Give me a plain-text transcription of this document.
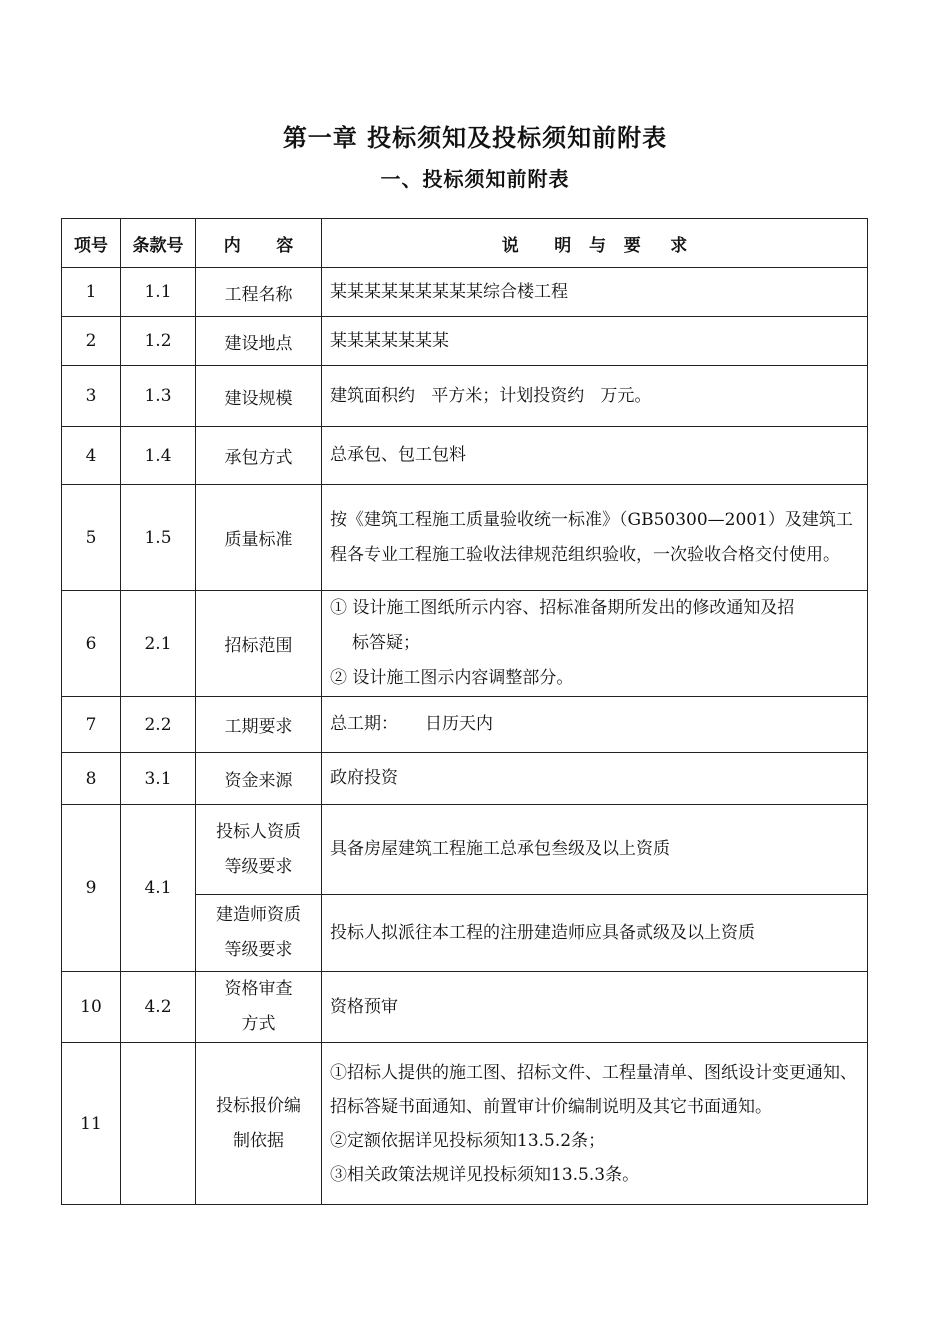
第一章 投标须知及投标须知前附表
一、投标须知前附表
项号	条款号	内      容	说      明   与   要     求
1	1.1	工程名称	某某某某某某某某某综合楼工程
2	1.2	建设地点	某某某某某某某
3	1.3	建设规模	建筑面积约   平方米；计划投资约   万元。
4	1.4	承包方式	总承包、包工包料
5	1.5	质量标准	按《建筑工程施工质量验收统一标准》（GB50300—2001）及建筑工程各专业工程施工验收法律规范组织验收，一次验收合格交付使用。
6	2.1	招标范围	① 设计施工图纸所示内容、招标准备期所发出的修改通知及招
标答疑；
② 设计施工图示内容调整部分。

7	2.2	工期要求	总工期：     日历天内
8	3.1	资金来源	政府投资
9	4.1	投标人资质等级要求	具备房屋建筑工程施工总承包叁级及以上资质
		建造师资质等级要求	投标人拟派往本工程的注册建造师应具备贰级及以上资质
10	4.2	资格审查方式	资格预审
11		投标报价编制依据	①招标人提供的施工图、招标文件、工程量清单、图纸设计变更通知、招标答疑书面通知、前置审计价编制说明及其它书面通知。
②定额依据详见投标须知13.5.2条；
③相关政策法规详见投标须知13.5.3条。
